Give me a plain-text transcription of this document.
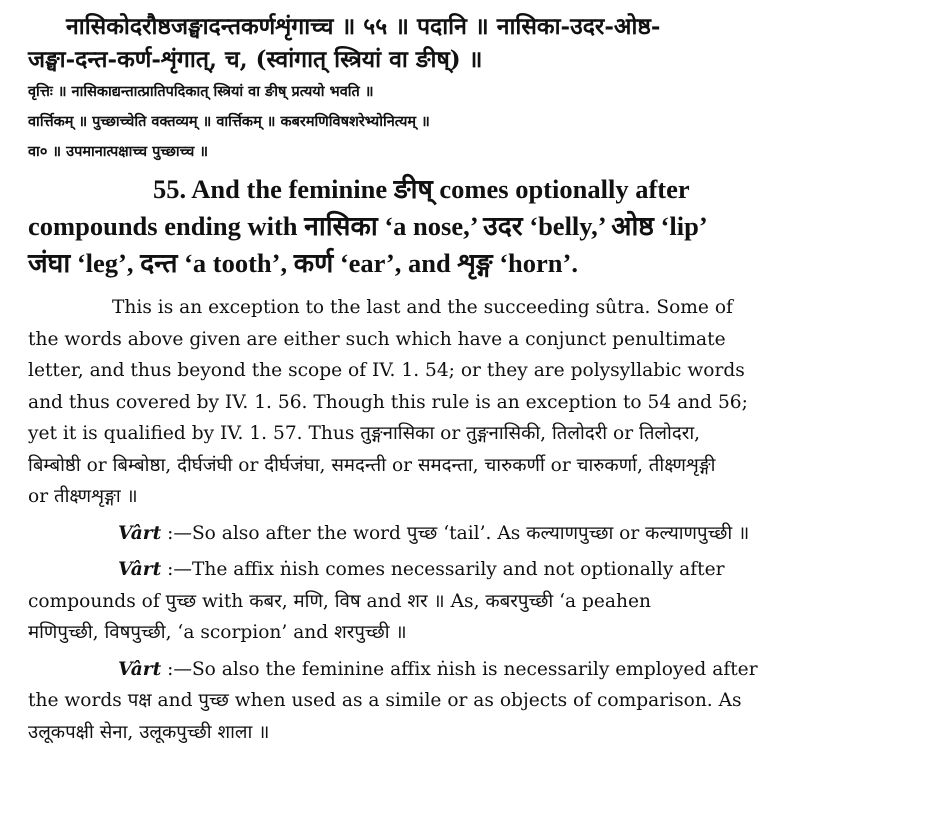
नासिकोदरौष्ठजङ्घादन्तकर्णशृंगाच्च ॥ ५५ ॥ पदानि ॥ नासिका-उदर-ओष्ठ-

जङ्घा-दन्त-कर्ण-शृंगात्, च, (स्वांगात् स्त्रियां वा ङीष्) ॥

वृत्तिः ॥ नासिकाद्यन्तात्प्रातिपदिकात् स्त्रियां वा ङीष् प्रत्ययो भवति ॥

वार्त्तिकम् ॥ पुच्छाच्चेति वक्तव्यम् ॥ वार्त्तिकम् ॥ कबरमणिविषशरेभ्योनित्यम् ॥

वा० ॥ उपमानात्पक्षाच्च पुच्छाच्च ॥

55. And the feminine ङीष् comes optionally after
compounds ending with नासिका ‘a nose,’ उदर ‘belly,’ ओष्ठ ‘lip’
जंघा ‘leg’, दन्त ‘a tooth’, कर्ण ‘ear’, and शृङ्ग ‘horn’.
This is an exception to the last and the succeeding sûtra. Some of
the words above given are either such which have a conjunct penultimate
letter, and thus beyond the scope of IV. 1. 54; or they are polysyllabic words
and thus covered by IV. 1. 56. Though this rule is an exception to 54 and 56;
yet it is qualified by IV. 1. 57. Thus तुङ्गनासिका or तुङ्गनासिकी, तिलोदरी or तिलोदरा,
बिम्बोष्ठी or बिम्बोष्ठा, दीर्घजंघी or दीर्घजंघा, समदन्ती or समदन्ता, चारुकर्णी or चारुकर्णा, तीक्ष्णशृङ्गी
or तीक्ष्णशृङ्गा ॥
Vârt :—So also after the word पुच्छ ‘tail’. As कल्याणपुच्छा or कल्याणपुच्छी ॥
Vârt :—The affix ṅish comes necessarily and not optionally after
compounds of पुच्छ with कबर, मणि, विष and शर ॥ As, कबरपुच्छी ‘a peahen
मणिपुच्छी, विषपुच्छी, ‘a scorpion’ and शरपुच्छी ॥
Vârt :—So also the feminine affix ṅish is necessarily employed after
the words पक्ष and पुच्छ when used as a simile or as objects of comparison. As
उलूकपक्षी सेना, उलूकपुच्छी शाला ॥
